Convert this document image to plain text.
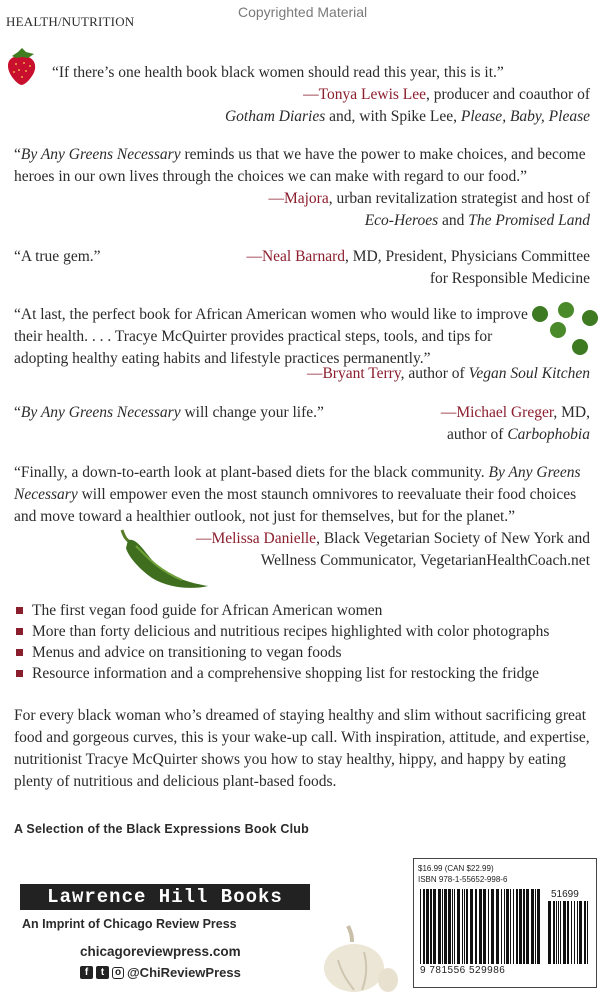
HEALTH/NUTRITION
Copyrighted Material
“If there’s one health book black women should read this year, this is it.”
—Tonya Lewis Lee, producer and coauthor of
Gotham Diaries and, with Spike Lee, Please, Baby, Please
“By Any Greens Necessary reminds us that we have the power to make choices, and become heroes in our own lives through the choices we can make with regard to our food.”
—Majora, urban revitalization strategist and host of
Eco-Heroes and The Promised Land
“A true gem.”	—Neal Barnard, MD, President, Physicians Committee
for Responsible Medicine
“At last, the perfect book for African American women who would like to improve their health. . . . Tracye McQuirter provides practical steps, tools, and tips for adopting healthy eating habits and lifestyle practices permanently.”
—Bryant Terry, author of Vegan Soul Kitchen
“By Any Greens Necessary will change your life.”	—Michael Greger, MD,
author of Carbophobia
“Finally, a down-to-earth look at plant-based diets for the black community. By Any Greens Necessary will empower even the most staunch omnivores to reevaluate their food choices and move toward a healthier outlook, not just for themselves, but for the planet.”
—Melissa Danielle, Black Vegetarian Society of New York and
Wellness Communicator, VegetarianHealthCoach.net
The first vegan food guide for African American women
More than forty delicious and nutritious recipes highlighted with color photographs
Menus and advice on transitioning to vegan foods
Resource information and a comprehensive shopping list for restocking the fridge
For every black woman who’s dreamed of staying healthy and slim without sacrificing great food and gorgeous curves, this is your wake-up call. With inspiration, attitude, and expertise, nutritionist Tracye McQuirter shows you how to stay healthy, hippy, and happy by eating plenty of nutritious and delicious plant-based foods.
A Selection of the Black Expressions Book Club
Lawrence Hill Books
An Imprint of Chicago Review Press
chicagoreviewpress.com
f	t	o @ChiReviewPress
$16.99 (CAN $22.99)
ISBN 978-1-55652-998-6
51699
9 781556 529986
